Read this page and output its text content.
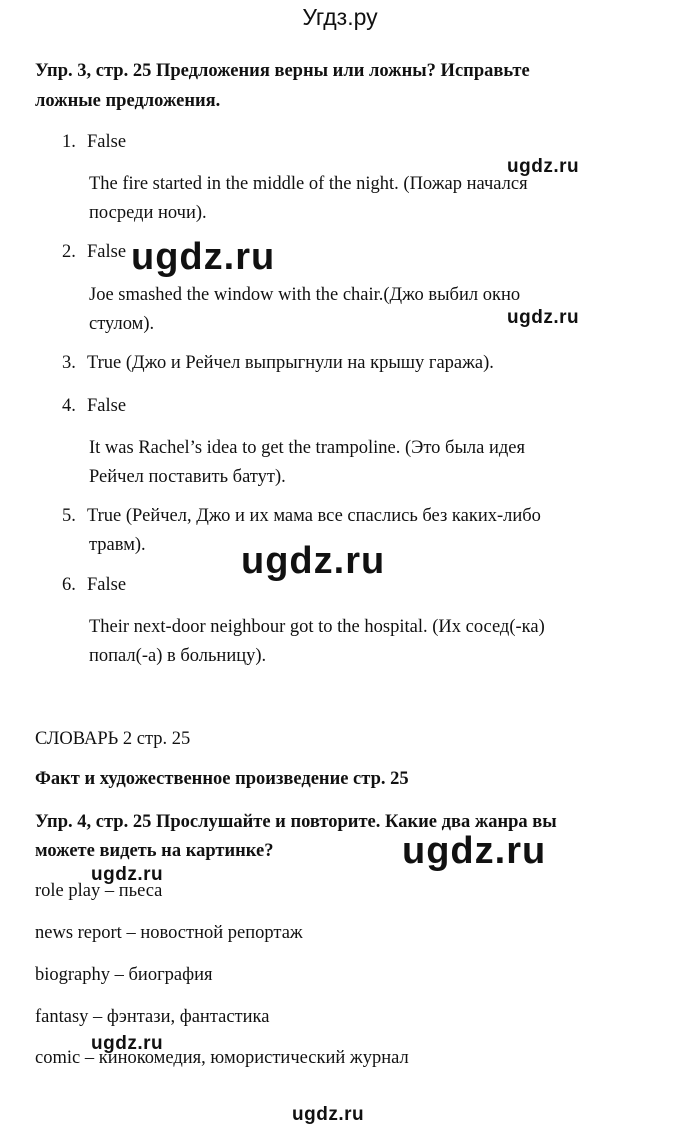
Угдз.ру
Упр. 3, стр. 25 Предложения верны или ложны? Исправьте
ложные предложения.
1. False
The fire started in the middle of the night. (Пожар начался
посреди ночи).
2. False
Joe smashed the window with the chair.(Джо выбил окно
стулом).
3. True (Джо и Рейчел выпрыгнули на крышу гаража).
4. False
It was Rachel’s idea to get the trampoline. (Это была идея
Рейчел поставить батут).
5. True (Рейчел, Джо и их мама все спаслись без каких-либо
травм).
6. False
Their next-door neighbour got to the hospital. (Их сосед(-ка)
попал(-а) в больницу).
СЛОВАРЬ 2 стр. 25
Факт и художественное произведение стр. 25
Упр. 4, стр. 25 Прослушайте и повторите. Какие два жанра вы
можете видеть на картинке?
role play – пьеса
news report – новостной репортаж
biography – биография
fantasy – фэнтази, фантастика
comic – кинокомедия, юмористический журнал
ugdz.ru
ugdz.ru
ugdz.ru
ugdz.ru
ugdz.ru
ugdz.ru
ugdz.ru
ugdz.ru
